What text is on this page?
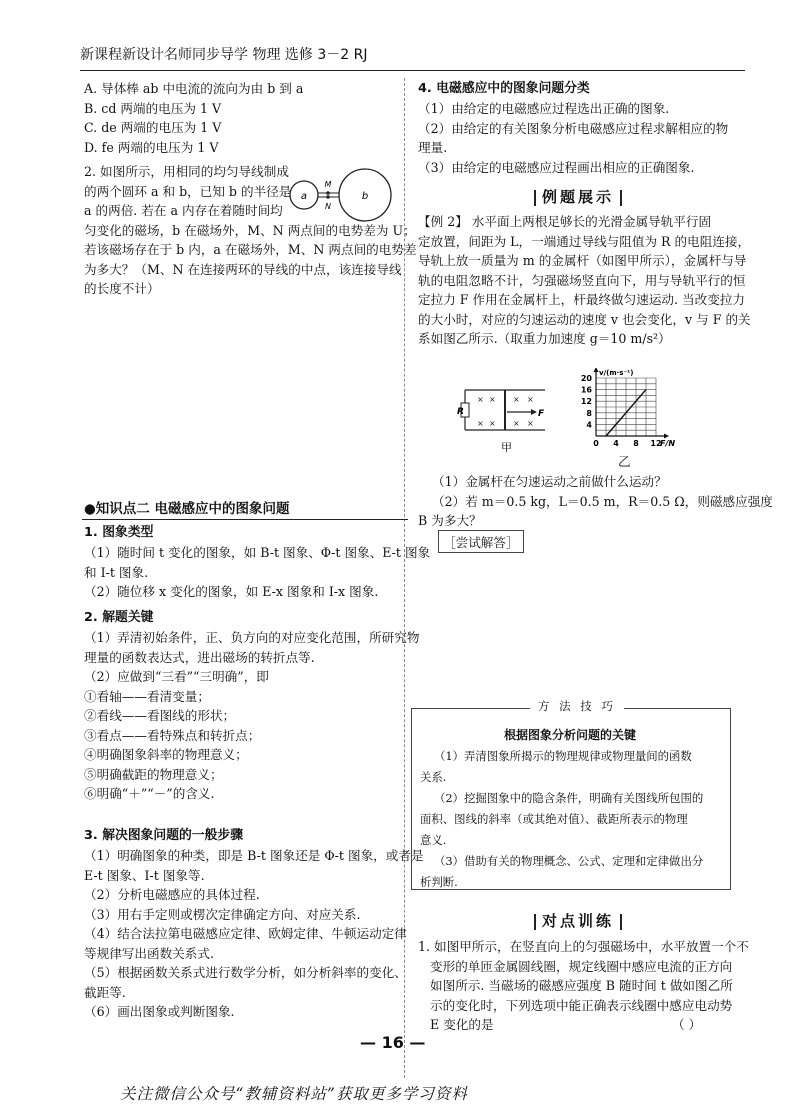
新课程新设计名师同步导学 物理 选修 3－2 RJ
A. 导体棒 ab 中电流的流向为由 b 到 a
B. cd 两端的电压为 1 V
C. de 两端的电压为 1 V
D. fe 两端的电压为 1 V
2. 如图所示，用相同的均匀导线制成
的两个圆环 a 和 b，已知 b 的半径是
a 的两倍. 若在 a 内存在着随时间均
匀变化的磁场，b 在磁场外，M、N 两点间的电势差为 U；
若该磁场存在于 b 内，a 在磁场外，M、N 两点间的电势差
为多大？（M、N 在连接两环的导线的中点，该连接导线
的长度不计）
a	b
M
N
●知识点二 电磁感应中的图象问题
1. 图象类型
（1）随时间 t 变化的图象，如 B-t 图象、Φ-t 图象、E-t 图象
和 I-t 图象.
（2）随位移 x 变化的图象，如 E-x 图象和 I-x 图象.
2. 解题关键
（1）弄清初始条件，正、负方向的对应变化范围，所研究物
理量的函数表达式，进出磁场的转折点等.
（2）应做到“三看”“三明确”，即
①看轴——看清变量；
②看线——看图线的形状；
③看点——看特殊点和转折点；
④明确图象斜率的物理意义；
⑤明确截距的物理意义；
⑥明确“＋”“－”的含义.
3. 解决图象问题的一般步骤
（1）明确图象的种类，即是 B-t 图象还是 Φ-t 图象，或者是
E-t 图象、I-t 图象等.
（2）分析电磁感应的具体过程.
（3）用右手定则或楞次定律确定方向、对应关系.
（4）结合法拉第电磁感应定律、欧姆定律、牛顿运动定律
等规律写出函数关系式.
（5）根据函数关系式进行数学分析，如分析斜率的变化、
截距等.
（6）画出图象或判断图象.
4. 电磁感应中的图象问题分类
（1）由给定的电磁感应过程选出正确的图象.
（2）由给定的有关图象分析电磁感应过程求解相应的物
理量.
（3）由给定的电磁感应过程画出相应的正确图象.
例题展示
【例 2】 水平面上两根足够长的光滑金属导轨平行固
定放置，间距为 L，一端通过导线与阻值为 R 的电阻连接，
导轨上放一质量为 m 的金属杆（如图甲所示），金属杆与导
轨的电阻忽略不计，匀强磁场竖直向下，用与导轨平行的恒
定拉力 F 作用在金属杆上，杆最终做匀速运动. 当改变拉力
的大小时，对应的匀速运动的速度 v 也会变化，v 与 F 的关
系如图乙所示.（取重力加速度 g＝10 m/s²）
R
× × × ×
× × × ×
F
甲	0 4 8 12
4
8
12
16
20
v/(m·s⁻¹)
F/N
乙
（1）金属杆在匀速运动之前做什么运动？
（2）若 m＝0.5 kg，L＝0.5 m，R＝0.5 Ω，则磁感应强度
B 为多大？
［尝试解答］
方 法 技 巧
根据图象分析问题的关键
（1）弄清图象所揭示的物理规律或物理量间的函数
关系.
（2）挖掘图象中的隐含条件，明确有关图线所包围的
面积、图线的斜率（或其绝对值）、截距所表示的物理
意义.
（3）借助有关的物理概念、公式、定理和定律做出分
析判断.
对点训练
1. 如图甲所示，在竖直向上的匀强磁场中，水平放置一个不
变形的单匝金属圆线圈，规定线圈中感应电流的正方向
如图所示. 当磁场的磁感应强度 B 随时间 t 做如图乙所
示的变化时，下列选项中能正确表示线圈中感应电动势
E 变化的是	（ ）
— 16 —
关注微信公众号“教辅资料站”获取更多学习资料
